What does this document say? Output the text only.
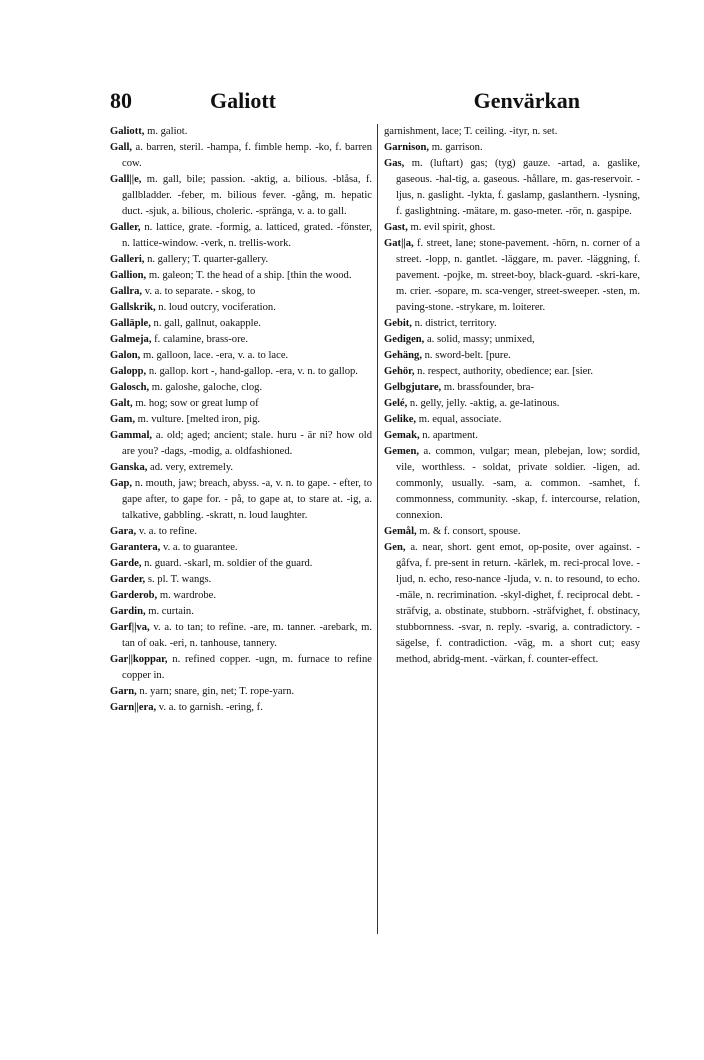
80	Galiott	Genvärkan

Galiott, m. galiot.

Gall, a. barren, steril. -hampa, f. fimble hemp. -ko, f. barren cow.

Gall||e, m. gall, bile; passion. -aktig, a. bilious. -blåsa, f. gallbladder. -feber, m. bilious fever. -gång, m. hepatic duct. -sjuk, a. bilious, choleric. -spränga, v. a. to gall.

Galler, n. lattice, grate. -formig, a. latticed, grated. -fönster, n. lattice-window. -verk, n. trellis-work.

Galleri, n. gallery; T. quarter-gallery.

Gallion, m. galeon; T. the head of a ship. [thin the wood.

Gallra, v. a. to separate. - skog, to

Gallskrik, n. loud outcry, vociferation.

Galläple, n. gall, gallnut, oakapple.

Galmeja, f. calamine, brass-ore.

Galon, m. galloon, lace. -era, v. a. to lace.

Galopp, n. gallop. kort -, hand-gallop. -era, v. n. to gallop.

Galosch, m. galoshe, galoche, clog.

Galt, m. hog; sow or great lump of

Gam, m. vulture. [melted iron, pig.

Gammal, a. old; aged; ancient; stale. huru - är ni? how old are you? -dags, -modig, a. oldfashioned.

Ganska, ad. very, extremely.

Gap, n. mouth, jaw; breach, abyss. -a, v. n. to gape. - efter, to gape after, to gape for. - på, to gape at, to stare at. -ig, a. talkative, gabbling. -skratt, n. loud laughter.

Gara, v. a. to refine.

Garantera, v. a. to guarantee.

Garde, n. guard. -skarl, m. soldier of the guard.

Garder, s. pl. T. wangs.

Garderob, m. wardrobe.

Gardin, m. curtain.

Garf||va, v. a. to tan; to refine. -are, m. tanner. -arebark, m. tan of oak. -eri, n. tanhouse, tannery.

Gar||koppar, n. refined copper. -ugn, m. furnace to refine copper in.

Garn, n. yarn; snare, gin, net; T. rope-yarn.

Garn||era, v. a. to garnish. -ering, f.

garnishment, lace; T. ceiling. -ityr, n. set.

Garnison, m. garrison.

Gas, m. (luftart) gas; (tyg) gauze. -artad, a. gaslike, gaseous. -hal-tig, a. gaseous. -hållare, m. gas-reservoir. -ljus, n. gaslight. -lykta, f. gaslamp, gaslanthern. -lysning, f. gaslightning. -mätare, m. gaso-meter. -rör, n. gaspipe.

Gast, m. evil spirit, ghost.

Gat||a, f. street, lane; stone-pavement. -hörn, n. corner of a street. -lopp, n. gantlet. -läggare, m. paver. -läggning, f. pavement. -pojke, m. street-boy, black-guard. -skri-kare, m. crier. -sopare, m. sca-venger, street-sweeper. -sten, m. paving-stone. -strykare, m. loiterer.

Gebit, n. district, territory.

Gedigen, a. solid, massy; unmixed,

Gehäng, n. sword-belt. [pure.

Gehör, n. respect, authority, obedience; ear. [sier.

Gelbgjutare, m. brassfounder, bra-

Gelé, n. gelly, jelly. -aktig, a. ge-latinous.

Gelike, m. equal, associate.

Gemak, n. apartment.

Gemen, a. common, vulgar; mean, plebejan, low; sordid, vile, worthless. - soldat, private soldier. -ligen, ad. commonly, usually. -sam, a. common. -samhet, f. commonness, community. -skap, f. intercourse, relation, connexion.

Gemål, m. & f. consort, spouse.

Gen, a. near, short. gent emot, op-posite, over against. -gåfva, f. pre-sent in return. -kärlek, m. reci-procal love. -ljud, n. echo, reso-nance -ljuda, v. n. to resound, to echo. -mäle, n. recrimination. -skyl-dighet, f. reciprocal debt. -sträfvig, a. obstinate, stubborn. -sträfvighet, f. obstinacy, stubbornness. -svar, n. reply. -svarig, a. contradictory. -sägelse, f. contradiction. -väg, m. a short cut; easy method, abridg-ment. -värkan, f. counter-effect.
